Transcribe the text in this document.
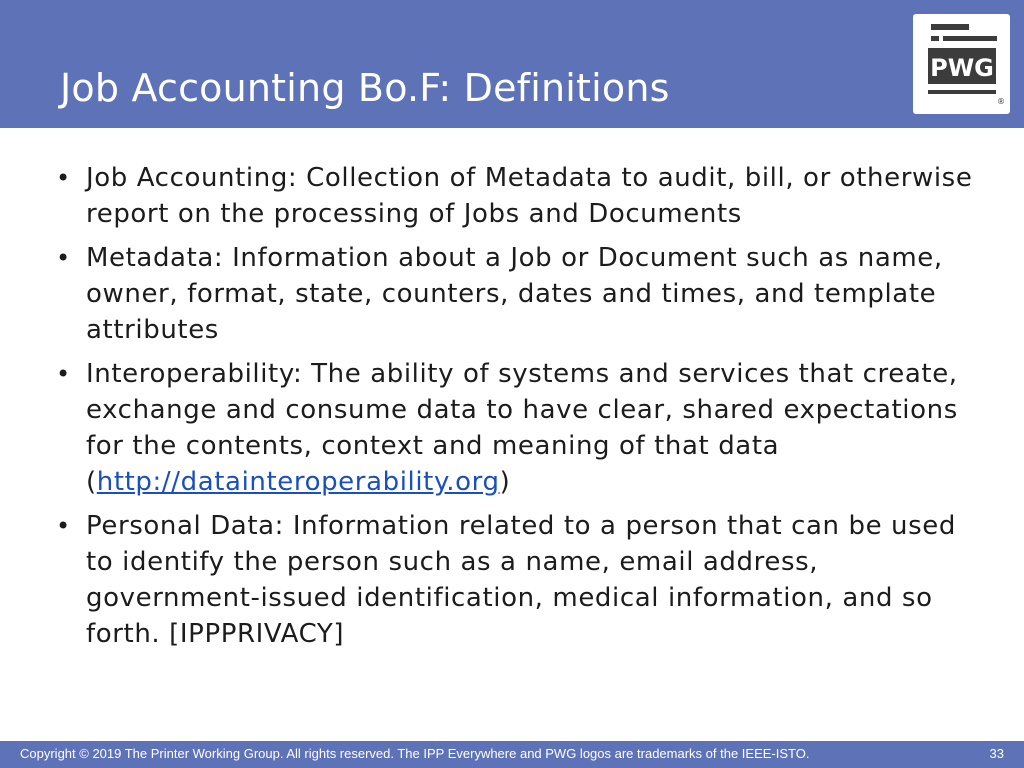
Job Accounting Bo.F: Definitions	PWG
®
• Job Accounting: Collection of Metadata to audit, bill, or otherwise report on the processing of Jobs and Documents
• Metadata: Information about a Job or Document such as name, owner, format, state, counters, dates and times, and template attributes
• Interoperability: The ability of systems and services that create, exchange and consume data to have clear, shared expectations for the contents, context and meaning of that data (http://datainteroperability.org)
• Personal Data: Information related to a person that can be used to identify the person such as a name, email address, government-issued identification, medical information, and so forth. [IPPPRIVACY]
Copyright © 2019 The Printer Working Group. All rights reserved. The IPP Everywhere and PWG logos are trademarks of the IEEE-ISTO.	33
